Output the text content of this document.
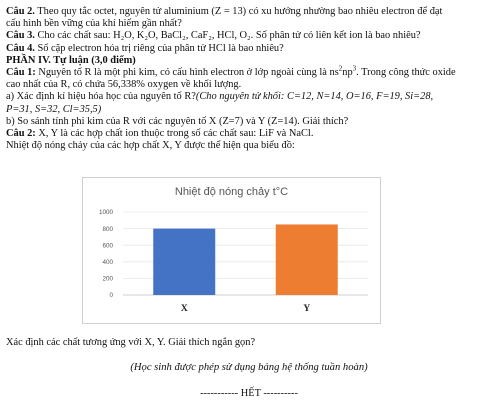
Câu 2. Theo quy tắc octet, nguyên tử aluminium (Z = 13) có xu hướng nhường bao nhiêu electron để đạt

cấu hình bền vững của khí hiếm gần nhất?

Câu 3. Cho các chất sau: H₂O, K₂O, BaCl₂, CaF₂, HCl, O₂. Số phân tử có liên kết ion là bao nhiêu?

Câu 4. Số cặp electron hóa trị riêng của phân tử HCl là bao nhiêu?

PHẦN IV. Tự luận (3,0 điểm)

Câu 1: Nguyên tố R là một phi kim, có cấu hình electron ở lớp ngoài cùng là $ns^2np^3$. Trong công thức oxide

cao nhất của R, có chứa 56,338% oxygen về khối lượng.

a) Xác định kí hiệu hóa học của nguyên tố R?(Cho nguyên tử khối: C=12, N=14, O=16, F=19, Si=28,

P=31, S=32, Cl=35,5)

b) So sánh tính phi kim của R với các nguyên tố X (Z=7) và Y (Z=14). Giải thích?

Câu 2: X, Y là các hợp chất ion thuộc trong số các chất sau: LiF và NaCl.

Nhiệt độ nóng chảy của các hợp chất X, Y được thể hiện qua biểu đồ:

Nhiệt độ nóng chảy t°C
0
200
400
600
800
1000
X	Y
Xác định các chất tương ứng với X, Y. Giải thích ngắn gọn?
(Học sinh được phép sử dụng bảng hệ thống tuần hoàn)
----------- HẾT ----------
